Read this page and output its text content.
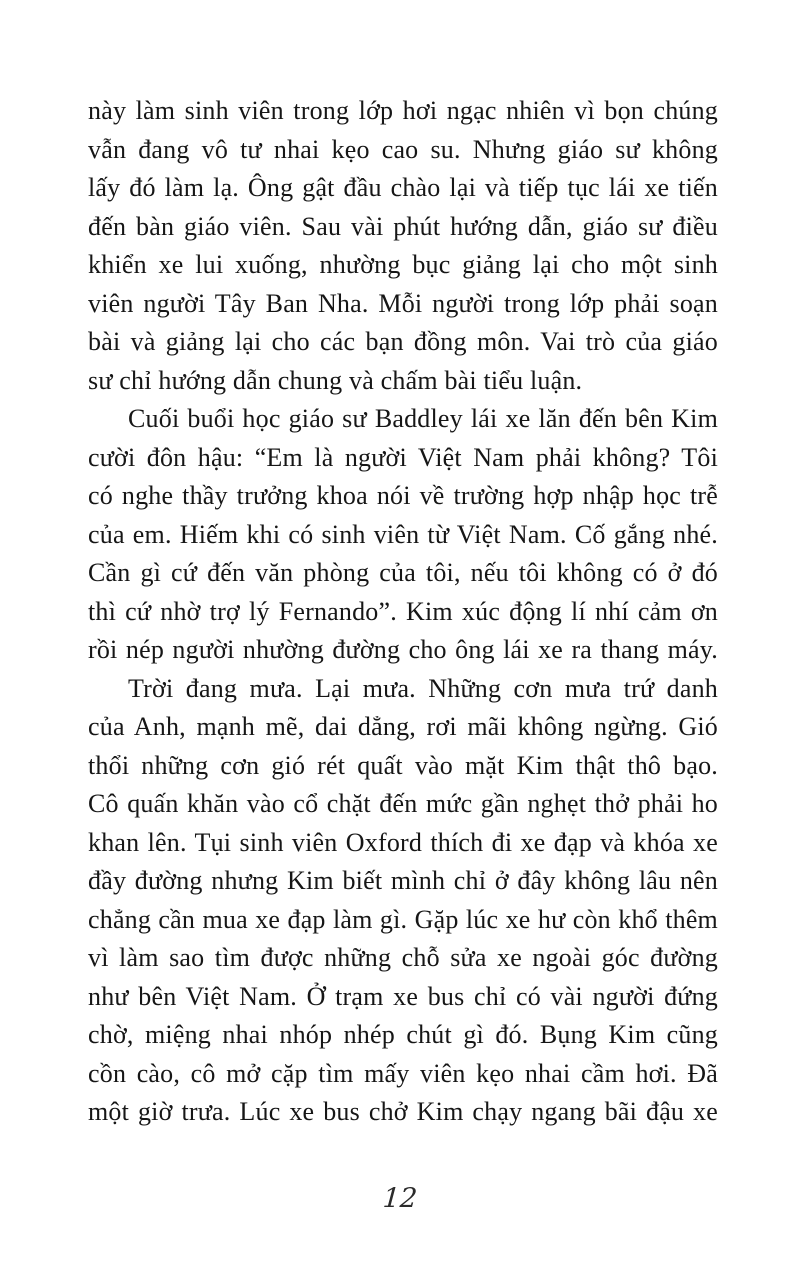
này làm sinh viên trong lớp hơi ngạc nhiên vì bọn chúng
vẫn đang vô tư nhai kẹo cao su. Nhưng giáo sư không
lấy đó làm lạ. Ông gật đầu chào lại và tiếp tục lái xe tiến
đến bàn giáo viên. Sau vài phút hướng dẫn, giáo sư điều
khiển xe lui xuống, nhường bục giảng lại cho một sinh
viên người Tây Ban Nha. Mỗi người trong lớp phải soạn
bài và giảng lại cho các bạn đồng môn. Vai trò của giáo
sư chỉ hướng dẫn chung và chấm bài tiểu luận.
Cuối buổi học giáo sư Baddley lái xe lăn đến bên Kim
cười đôn hậu: “Em là người Việt Nam phải không? Tôi
có nghe thầy trưởng khoa nói về trường hợp nhập học trễ
của em. Hiếm khi có sinh viên từ Việt Nam. Cố gắng nhé.
Cần gì cứ đến văn phòng của tôi, nếu tôi không có ở đó
thì cứ nhờ trợ lý Fernando”. Kim xúc động lí nhí cảm ơn
rồi nép người nhường đường cho ông lái xe ra thang máy.
Trời đang mưa. Lại mưa. Những cơn mưa trứ danh
của Anh, mạnh mẽ, dai dẳng, rơi mãi không ngừng. Gió
thổi những cơn gió rét quất vào mặt Kim thật thô bạo.
Cô quấn khăn vào cổ chặt đến mức gần nghẹt thở phải ho
khan lên. Tụi sinh viên Oxford thích đi xe đạp và khóa xe
đầy đường nhưng Kim biết mình chỉ ở đây không lâu nên
chẳng cần mua xe đạp làm gì. Gặp lúc xe hư còn khổ thêm
vì làm sao tìm được những chỗ sửa xe ngoài góc đường
như bên Việt Nam. Ở trạm xe bus chỉ có vài người đứng
chờ, miệng nhai nhóp nhép chút gì đó. Bụng Kim cũng
cồn cào, cô mở cặp tìm mấy viên kẹo nhai cầm hơi. Đã
một giờ trưa. Lúc xe bus chở Kim chạy ngang bãi đậu xe
12
